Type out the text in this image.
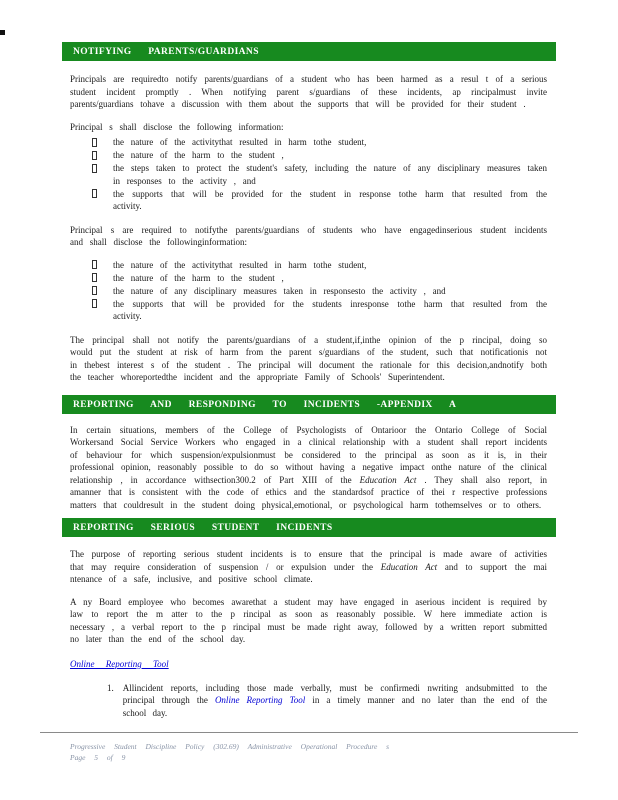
NOTIFYING PARENTS/GUARDIANS

Principals are requiredto notify parents/guardians of a student who has been harmed as a resul t of a serious student incident promptly . When notifying parent s/guardians of these incidents, ap rincipalmust invite parents/guardians tohave a discussion with them about the supports that will be provided for their student .

Principal s shall disclose the following information:

the nature of the activitythat resulted in harm tothe student,
the nature of the harm to the student ,
the steps taken to protect the student's safety, including the nature of any disciplinary measures taken in responses to the activity , and
the supports that will be provided for the student in response tothe harm that resulted from the activity.

Principal s are required to notifythe parents/guardians of students who have engagedinserious student incidents and shall disclose the followinginformation:

the nature of the activitythat resulted in harm tothe student,
the nature of the harm to the student ,
the nature of any disciplinary measures taken in responsesto the activity , and
the supports that will be provided for the students inresponse tothe harm that resulted from the activity.

The principal shall not notify the parents/guardians of a student,if,inthe opinion of the p rincipal, doing so would put the student at risk of harm from the parent s/guardians of the student, such that notificationis not in thebest interest s of the student . The principal will document the rationale for this decision,andnotify both the teacher whoreportedthe incident and the appropriate Family of Schools' Superintendent.

REPORTING AND RESPONDING TO INCIDENTS -APPENDIX A

In certain situations, members of the College of Psychologists of Ontarioor the Ontario College of Social Workersand Social Service Workers who engaged in a clinical relationship with a student shall report incidents of behaviour for which suspension/expulsionmust be considered to the principal as soon as it is, in their professional opinion, reasonably possible to do so without having a negative impact onthe nature of the clinical relationship , in accordance withsection300.2 of Part XIII of the Education Act . They shall also report, in amanner that is consistent with the code of ethics and the standardsof practice of thei r respective professions matters that couldresult in the student doing physical,emotional, or psychological harm tothemselves or to others.

REPORTING SERIOUS STUDENT INCIDENTS

The purpose of reporting serious student incidents is to ensure that the principal is made aware of activities that may require consideration of suspension / or expulsion under the Education Act and to support the mai ntenance of a safe, inclusive, and positive school climate.

A ny Board employee who becomes awarethat a student may have engaged in aserious incident is required by law to report the m atter to the p rincipal as soon as reasonably possible. W here immediate action is necessary , a verbal report to the p rincipal must be made right away, followed by a written report submitted no later than the end of the school day.

Online Reporting Tool
1. Allincident reports, including those made verbally, must be confirmedi nwriting andsubmitted to the principal through the Online Reporting Tool in a timely manner and no later than the end of the school day.
Progressive Student Discipline Policy (302.69) Administrative Operational Procedure s
Page 5 of 9
